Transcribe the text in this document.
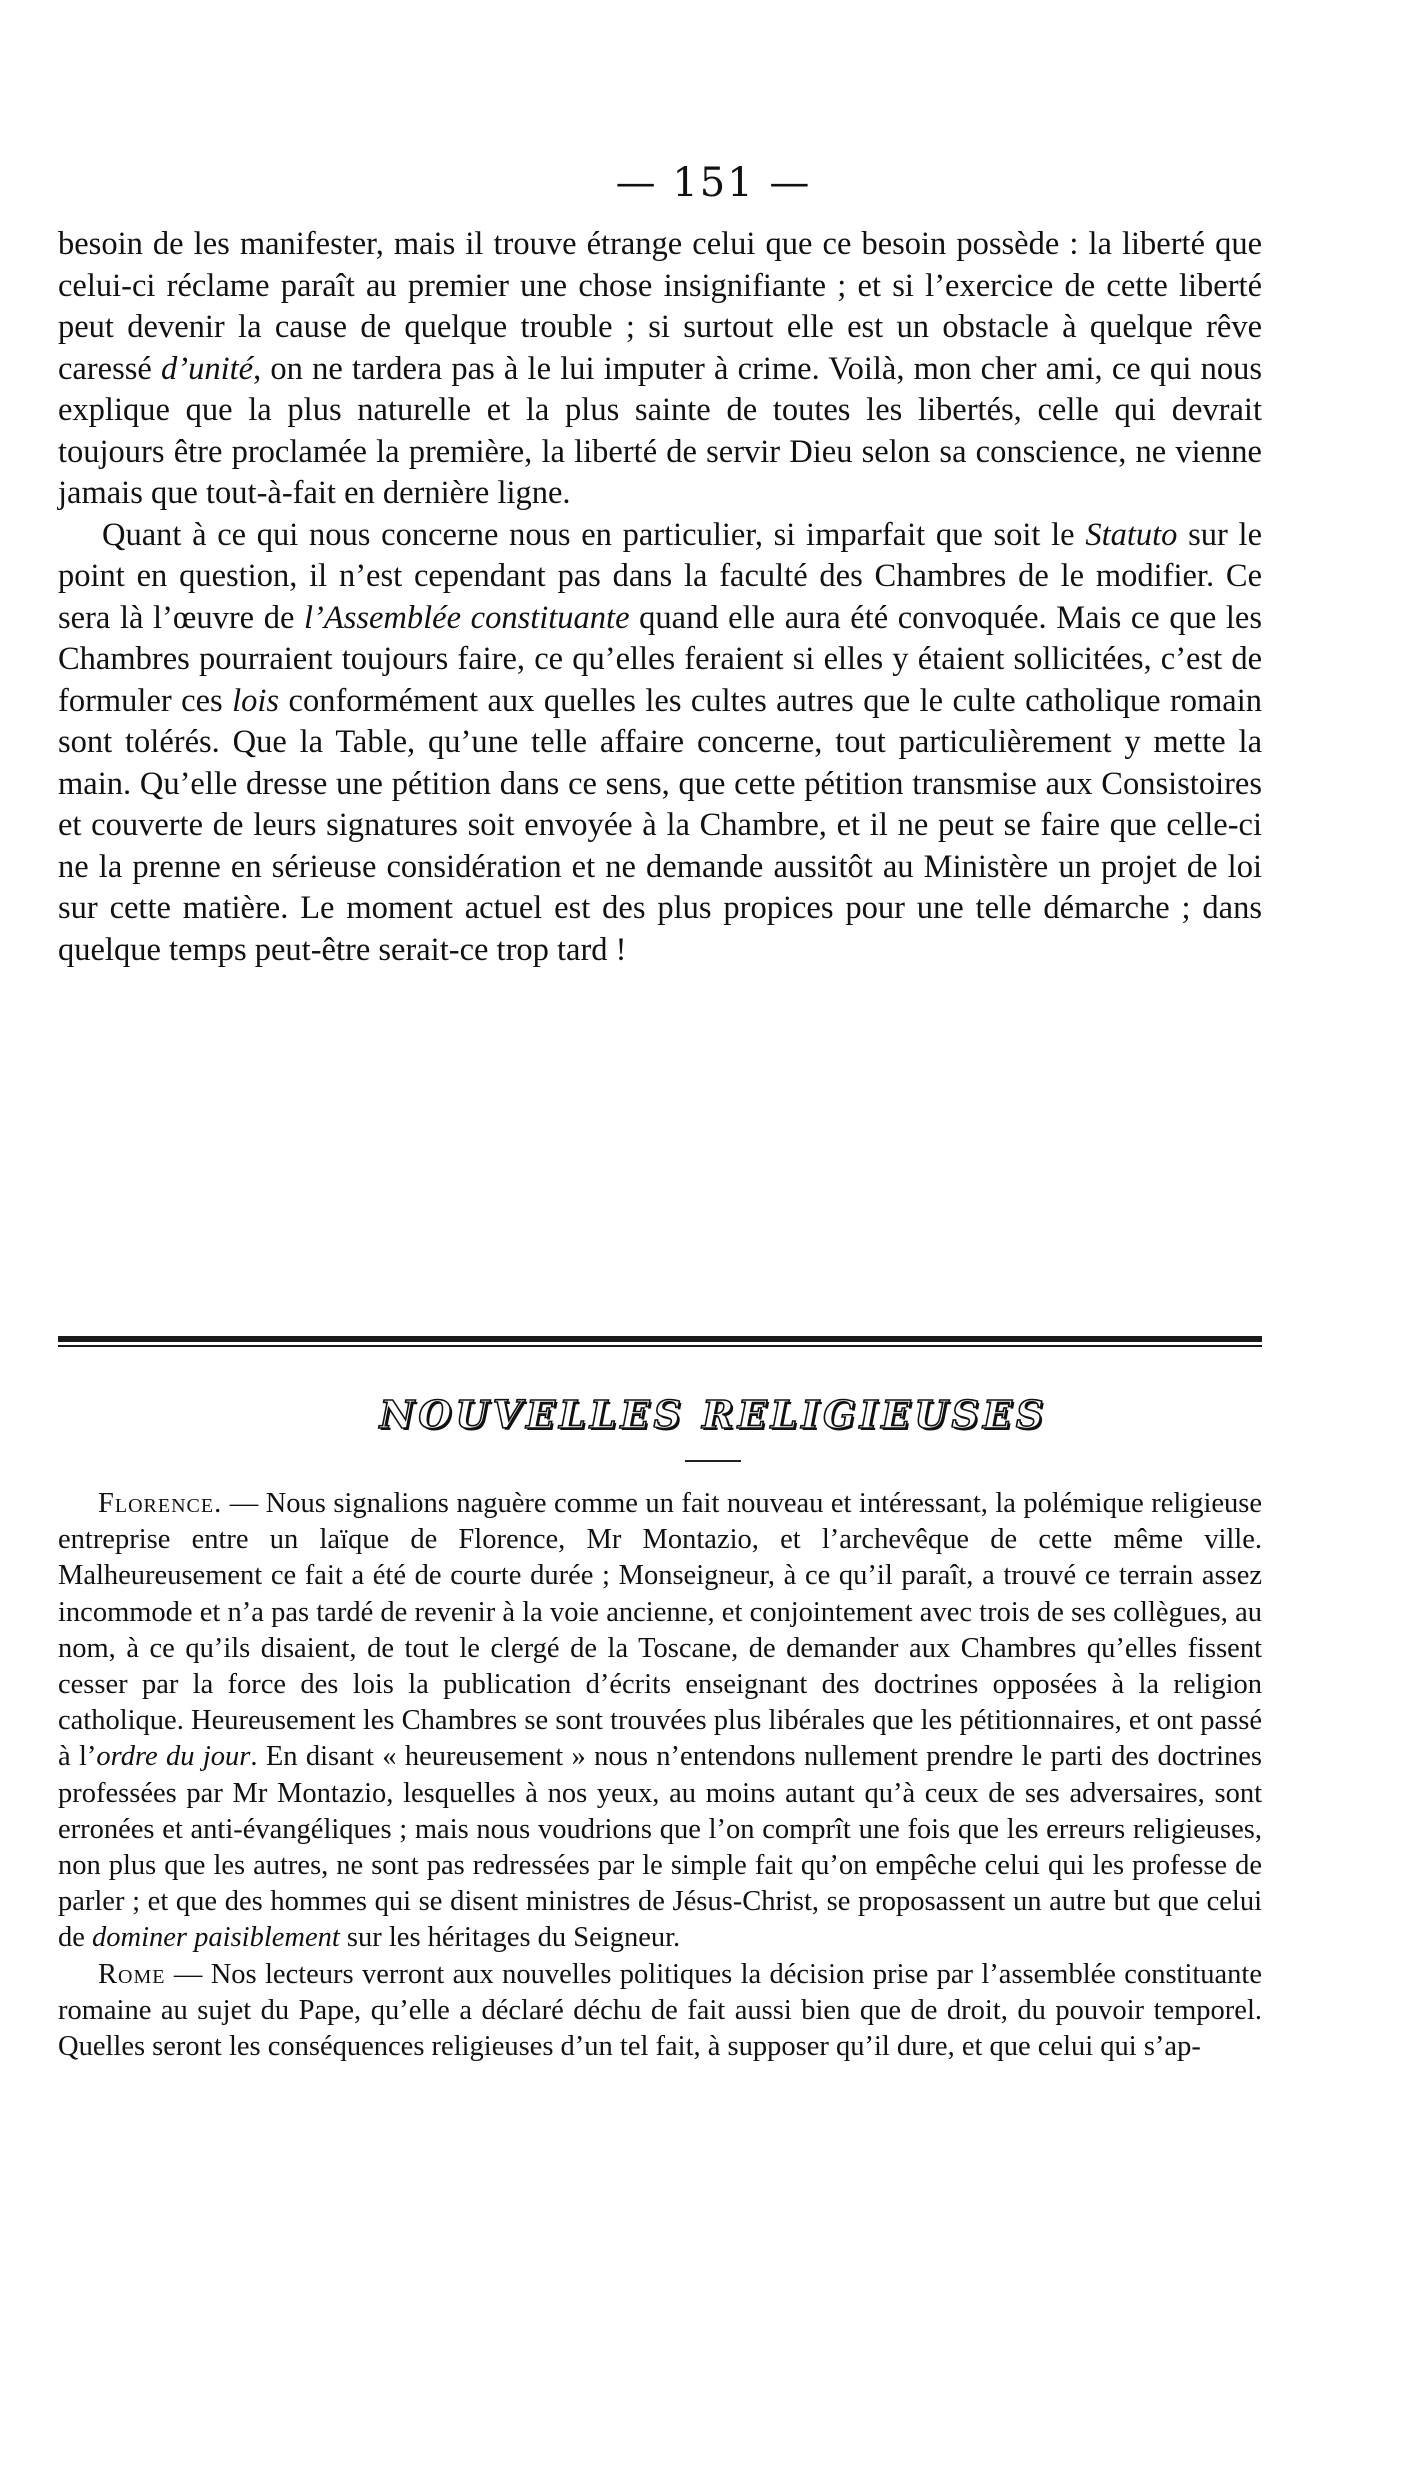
— 151 —

besoin de les manifester, mais il trouve étrange celui que ce besoin possède : la liberté que celui-ci réclame paraît au premier une chose insignifiante ; et si l’exercice de cette liberté peut devenir la cause de quelque trouble ; si surtout elle est un obstacle à quelque rêve caressé d’unité, on ne tardera pas à le lui imputer à crime. Voilà, mon cher ami, ce qui nous explique que la plus naturelle et la plus sainte de toutes les libertés, celle qui devrait toujours être proclamée la première, la liberté de servir Dieu selon sa conscience, ne vienne jamais que tout-à-fait en dernière ligne.

Quant à ce qui nous concerne nous en particulier, si imparfait que soit le Statuto sur le point en question, il n’est cependant pas dans la faculté des Chambres de le modifier. Ce sera là l’œuvre de l’Assemblée constituante quand elle aura été convoquée. Mais ce que les Chambres pourraient toujours faire, ce qu’elles feraient si elles y étaient sollicitées, c’est de formuler ces lois conformément aux quelles les cultes autres que le culte catholique romain sont tolérés. Que la Table, qu’une telle affaire concerne, tout particulièrement y mette la main. Qu’elle dresse une pétition dans ce sens, que cette pétition transmise aux Consistoires et couverte de leurs signatures soit envoyée à la Chambre, et il ne peut se faire que celle-ci ne la prenne en sérieuse considération et ne demande aussitôt au Ministère un projet de loi sur cette matière. Le moment actuel est des plus propices pour une telle démarche ; dans quelque temps peut-être serait-ce trop tard !

NOUVELLES RELIGIEUSES

Florence. — Nous signalions naguère comme un fait nouveau et intéressant, la polémique religieuse entreprise entre un laïque de Florence, Mr Montazio, et l’archevêque de cette même ville. Malheureusement ce fait a été de courte durée ; Monseigneur, à ce qu’il paraît, a trouvé ce terrain assez incommode et n’a pas tardé de revenir à la voie ancienne, et conjointement avec trois de ses collègues, au nom, à ce qu’ils disaient, de tout le clergé de la Toscane, de demander aux Chambres qu’elles fissent cesser par la force des lois la publication d’écrits enseignant des doctrines opposées à la religion catholique. Heureusement les Chambres se sont trouvées plus libérales que les pétitionnaires, et ont passé à l’ordre du jour. En disant « heureusement » nous n’entendons nullement prendre le parti des doctrines professées par Mr Montazio, lesquelles à nos yeux, au moins autant qu’à ceux de ses adversaires, sont erronées et anti-évangéliques ; mais nous voudrions que l’on comprît une fois que les erreurs religieuses, non plus que les autres, ne sont pas redressées par le simple fait qu’on empêche celui qui les professe de parler ; et que des hommes qui se disent ministres de Jésus-Christ, se proposassent un autre but que celui de dominer paisiblement sur les héritages du Seigneur.

Rome — Nos lecteurs verront aux nouvelles politiques la décision prise par l’assemblée constituante romaine au sujet du Pape, qu’elle a déclaré déchu de fait aussi bien que de droit, du pouvoir temporel. Quelles seront les conséquences religieuses d’un tel fait, à supposer qu’il dure, et que celui qui s’ap-
